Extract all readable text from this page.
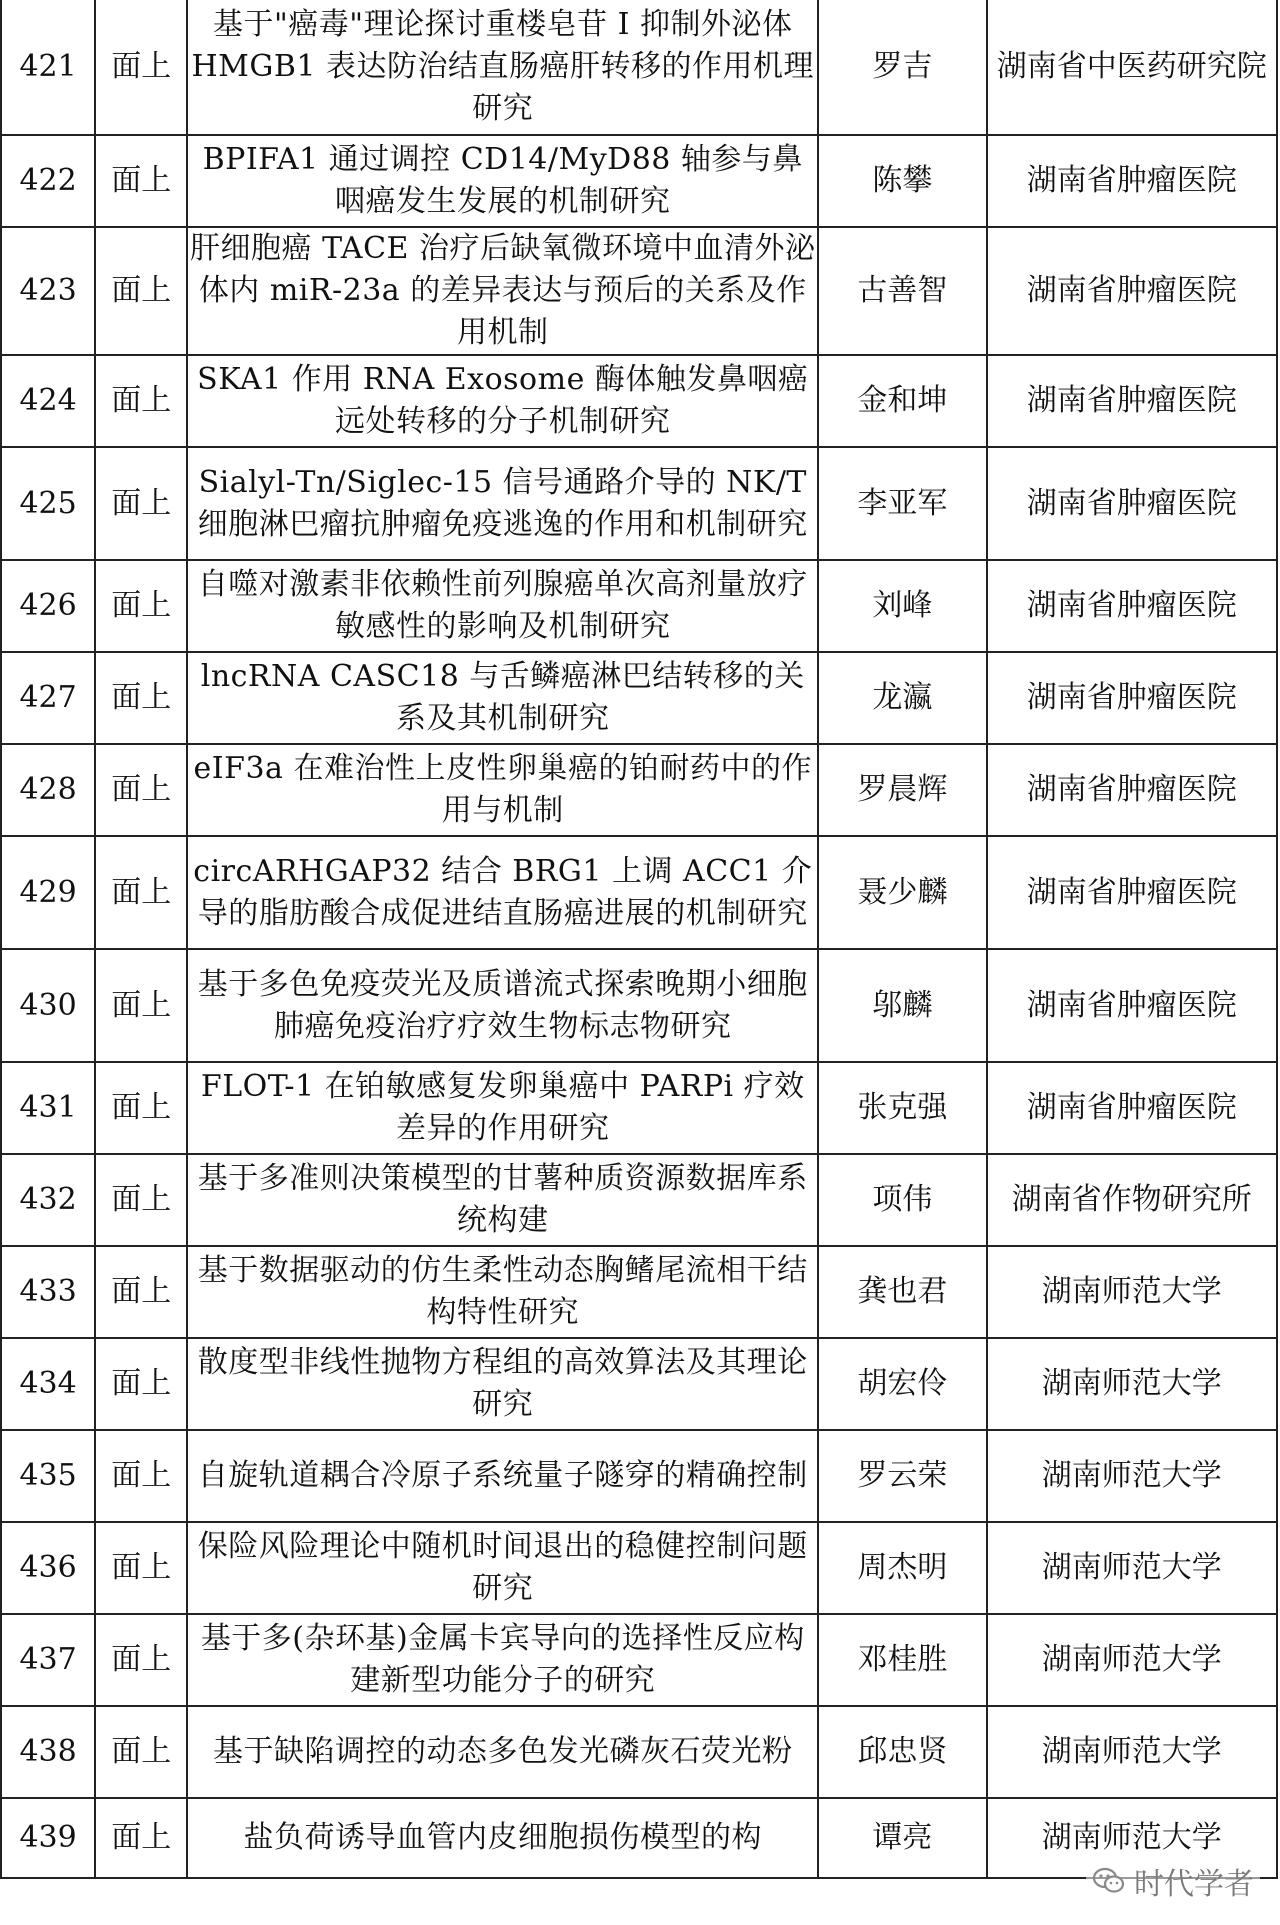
421	面上	基于"癌毒"理论探讨重楼皂苷 I 抑制外泌体 HMGB1 表达防治结直肠癌肝转移的作用机理研究	罗吉	湖南省中医药研究院
422	面上	BPIFA1 通过调控 CD14/MyD88 轴参与鼻咽癌发生发展的机制研究	陈攀	湖南省肿瘤医院
423	面上	肝细胞癌 TACE 治疗后缺氧微环境中血清外泌体内 miR-23a 的差异表达与预后的关系及作用机制	古善智	湖南省肿瘤医院
424	面上	SKA1 作用 RNA Exosome 酶体触发鼻咽癌远处转移的分子机制研究	金和坤	湖南省肿瘤医院
425	面上	Sialyl-Tn/Siglec-15 信号通路介导的 NK/T 细胞淋巴瘤抗肿瘤免疫逃逸的作用和机制研究	李亚军	湖南省肿瘤医院
426	面上	自噬对激素非依赖性前列腺癌单次高剂量放疗敏感性的影响及机制研究	刘峰	湖南省肿瘤医院
427	面上	lncRNA CASC18 与舌鳞癌淋巴结转移的关系及其机制研究	龙瀛	湖南省肿瘤医院
428	面上	eIF3a 在难治性上皮性卵巢癌的铂耐药中的作用与机制	罗晨辉	湖南省肿瘤医院
429	面上	circARHGAP32 结合 BRG1 上调 ACC1 介导的脂肪酸合成促进结直肠癌进展的机制研究	聂少麟	湖南省肿瘤医院
430	面上	基于多色免疫荧光及质谱流式探索晚期小细胞肺癌免疫治疗疗效生物标志物研究	邬麟	湖南省肿瘤医院
431	面上	FLOT-1 在铂敏感复发卵巢癌中 PARPi 疗效差异的作用研究	张克强	湖南省肿瘤医院
432	面上	基于多准则决策模型的甘薯种质资源数据库系统构建	项伟	湖南省作物研究所
433	面上	基于数据驱动的仿生柔性动态胸鳍尾流相干结构特性研究	龚也君	湖南师范大学
434	面上	散度型非线性抛物方程组的高效算法及其理论研究	胡宏伶	湖南师范大学
435	面上	自旋轨道耦合冷原子系统量子隧穿的精确控制	罗云荣	湖南师范大学
436	面上	保险风险理论中随机时间退出的稳健控制问题研究	周杰明	湖南师范大学
437	面上	基于多(杂环基)金属卡宾导向的选择性反应构建新型功能分子的研究	邓桂胜	湖南师范大学
438	面上	基于缺陷调控的动态多色发光磷灰石荧光粉	邱忠贤	湖南师范大学
439	面上	盐负荷诱导血管内皮细胞损伤模型的构	谭亮	湖南师范大学
时代学者
